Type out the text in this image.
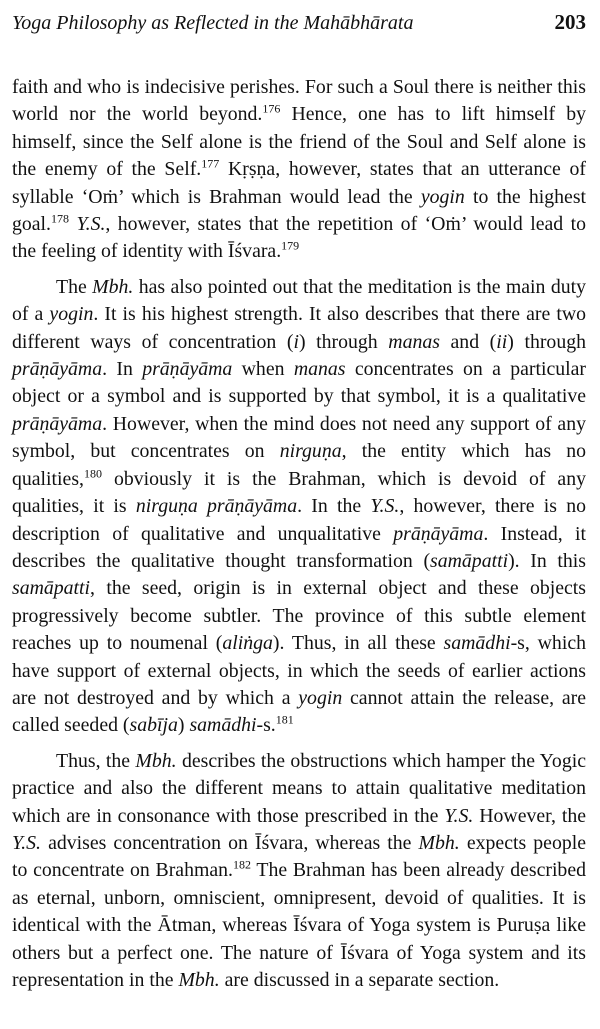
Yoga Philosophy as Reflected in the Mahābhārata	203

faith and who is indecisive perishes. For such a Soul there is neither this world nor the world beyond.$^{176}$ Hence, one has to lift himself by himself, since the Self alone is the friend of the Soul and Self alone is the enemy of the Self.$^{177}$ Kṛṣṇa, however, states that an utterance of syllable ‘Oṁ’ which is Brahman would lead the yogin to the highest goal.$^{178}$ Y.S., however, states that the repetition of ‘Oṁ’ would lead to the feeling of identity with Īśvara.$^{179}$

The Mbh. has also pointed out that the meditation is the main duty of a yogin. It is his highest strength. It also describes that there are two different ways of concentration (i) through manas and (ii) through prāṇāyāma. In prāṇāyāma when manas concentrates on a particular object or a symbol and is supported by that symbol, it is a qualitative prāṇāyāma. However, when the mind does not need any support of any symbol, but concentrates on nirguṇa, the entity which has no qualities,$^{180}$ obviously it is the Brahman, which is devoid of any qualities, it is nirguṇa prāṇāyāma. In the Y.S., however, there is no description of qualitative and unqualitative prāṇāyāma. Instead, it describes the qualitative thought transformation (samāpatti). In this samāpatti, the seed, origin is in external object and these objects progressively become subtler. The province of this subtle element reaches up to noumenal (aliṅga). Thus, in all these samādhi-s, which have support of external objects, in which the seeds of earlier actions are not destroyed and by which a yogin cannot attain the release, are called seeded (sabīja) samādhi-s.$^{181}$

Thus, the Mbh. describes the obstructions which hamper the Yogic practice and also the different means to attain qualitative meditation which are in consonance with those prescribed in the Y.S. However, the Y.S. advises concentration on Īśvara, whereas the Mbh. expects people to concentrate on Brahman.$^{182}$ The Brahman has been already described as eternal, unborn, omniscient, omnipresent, devoid of qualities. It is identical with the Ātman, whereas Īśvara of Yoga system is Puruṣa like others but a perfect one. The nature of Īśvara of Yoga system and its representation in the Mbh. are discussed in a separate section.
